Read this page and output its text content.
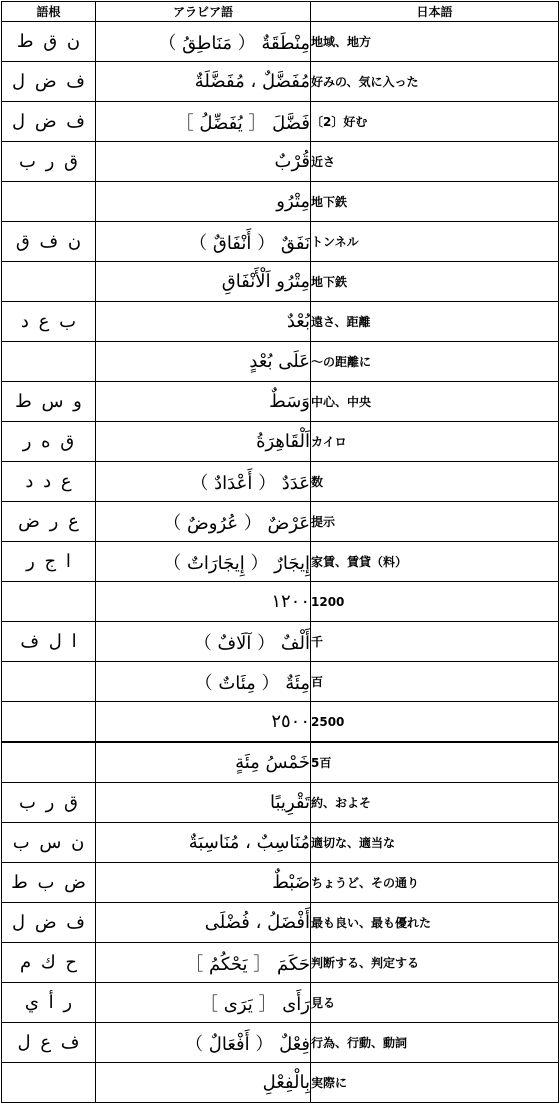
語根	アラビア語	日本語
ن ق ط	مِنْطَقَةٌ （ مَنَاطِقُ ）	地域、地方
ف ض ل	مُفَضَّلٌ ، مُفَضَّلَةٌ	好みの、気に入った
ف ض ل	فَضَّلَ ［ يُفَضِّلُ ］	〔2〕好む
ق ر ب	قُرْبٌ	近さ
	مِتْرُو	地下鉄
ن ف ق	نَفَقٌ （ أَنْفَاقٌ ）	トンネル
	مِتْرُو اَلْأَنْفَاقِ	地下鉄
ب ع د	بُعْدٌ	遠さ、距離
	عَلَى بُعْدٍ	～の距離に
و س ط	وَسَطٌ	中心、中央
ق ه ر	اَلْقَاهِرَةُ	カイロ
ع د د	عَدَدٌ （ أَعْدَادٌ ）	数
ع ر ض	عَرْضٌ （ عُرُوضٌ ）	提示
ا ج ر	إِيجَارٌ （ إِيجَارَاتٌ ）	家賃、賃貸（料）
	١٢٠٠	1200
ا ل ف	أَلْفٌ （ آلَافٌ ）	千
	مِئَةٌ （ مِئَاتٌ ）	百
	٢٥٠٠	2500
	خَمْسُ مِئَةٍ	5百
ق ر ب	تَقْرِيبًا	約、およそ
ن س ب	مُنَاسِبٌ ، مُنَاسِبَةٌ	適切な、適当な
ض ب ط	ضَبْطٌ	ちょうど、その通り
ف ض ل	أَفْضَلُ ، فُضْلَى	最も良い、最も優れた
ح ك م	حَكَمَ ［ يَحْكُمُ ］	判断する、判定する
ر أ ي	رَأَى ［ يَرَى ］	見る
ف ع ل	فِعْلٌ （ أَفْعَالٌ ）	行為、行動、動詞
	بِالْفِعْلِ	実際に
